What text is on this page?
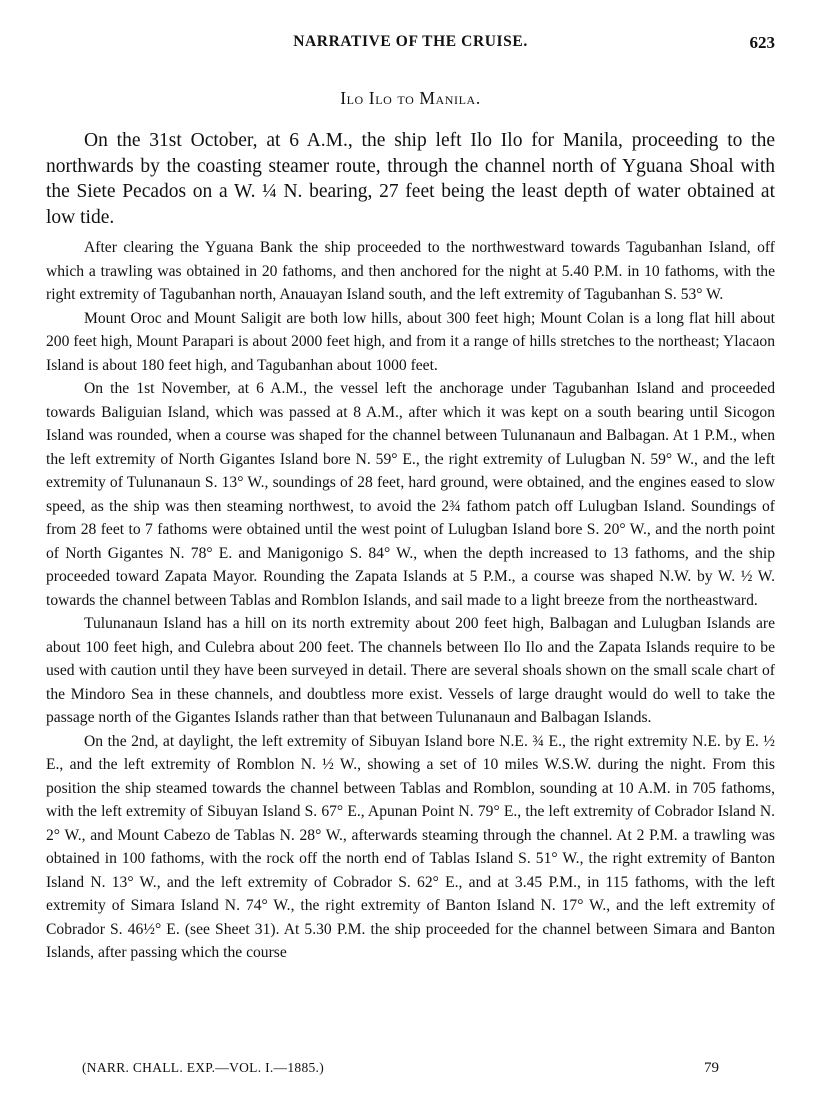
NARRATIVE OF THE CRUISE.	623
Ilo Ilo to Manila.

On the 31st October, at 6 A.M., the ship left Ilo Ilo for Manila, proceeding to the northwards by the coasting steamer route, through the channel north of Yguana Shoal with the Siete Pecados on a W. ¼ N. bearing, 27 feet being the least depth of water obtained at low tide.

After clearing the Yguana Bank the ship proceeded to the northwestward towards Tagubanhan Island, off which a trawling was obtained in 20 fathoms, and then anchored for the night at 5.40 P.M. in 10 fathoms, with the right extremity of Tagubanhan north, Anauayan Island south, and the left extremity of Tagubanhan S. 53° W.

Mount Oroc and Mount Saligit are both low hills, about 300 feet high; Mount Colan is a long flat hill about 200 feet high, Mount Parapari is about 2000 feet high, and from it a range of hills stretches to the northeast; Ylacaon Island is about 180 feet high, and Tagubanhan about 1000 feet.

On the 1st November, at 6 A.M., the vessel left the anchorage under Tagubanhan Island and proceeded towards Baliguian Island, which was passed at 8 A.M., after which it was kept on a south bearing until Sicogon Island was rounded, when a course was shaped for the channel between Tulunanaun and Balbagan. At 1 P.M., when the left extremity of North Gigantes Island bore N. 59° E., the right extremity of Lulugban N. 59° W., and the left extremity of Tulunanaun S. 13° W., soundings of 28 feet, hard ground, were obtained, and the engines eased to slow speed, as the ship was then steaming northwest, to avoid the 2¾ fathom patch off Lulugban Island. Soundings of from 28 feet to 7 fathoms were obtained until the west point of Lulugban Island bore S. 20° W., and the north point of North Gigantes N. 78° E. and Manigonigo S. 84° W., when the depth increased to 13 fathoms, and the ship proceeded toward Zapata Mayor. Rounding the Zapata Islands at 5 P.M., a course was shaped N.W. by W. ½ W. towards the channel between Tablas and Romblon Islands, and sail made to a light breeze from the northeastward.

Tulunanaun Island has a hill on its north extremity about 200 feet high, Balbagan and Lulugban Islands are about 100 feet high, and Culebra about 200 feet. The channels between Ilo Ilo and the Zapata Islands require to be used with caution until they have been surveyed in detail. There are several shoals shown on the small scale chart of the Mindoro Sea in these channels, and doubtless more exist. Vessels of large draught would do well to take the passage north of the Gigantes Islands rather than that between Tulunanaun and Balbagan Islands.

On the 2nd, at daylight, the left extremity of Sibuyan Island bore N.E. ¾ E., the right extremity N.E. by E. ½ E., and the left extremity of Romblon N. ½ W., showing a set of 10 miles W.S.W. during the night. From this position the ship steamed towards the channel between Tablas and Romblon, sounding at 10 A.M. in 705 fathoms, with the left extremity of Sibuyan Island S. 67° E., Apunan Point N. 79° E., the left extremity of Cobrador Island N. 2° W., and Mount Cabezo de Tablas N. 28° W., afterwards steaming through the channel. At 2 P.M. a trawling was obtained in 100 fathoms, with the rock off the north end of Tablas Island S. 51° W., the right extremity of Banton Island N. 13° W., and the left extremity of Cobrador S. 62° E., and at 3.45 P.M., in 115 fathoms, with the left extremity of Simara Island N. 74° W., the right extremity of Banton Island N. 17° W., and the left extremity of Cobrador S. 46½° E. (see Sheet 31). At 5.30 P.M. the ship proceeded for the channel between Simara and Banton Islands, after passing which the course

(NARR. CHALL. EXP.—VOL. I.—1885.)	79
